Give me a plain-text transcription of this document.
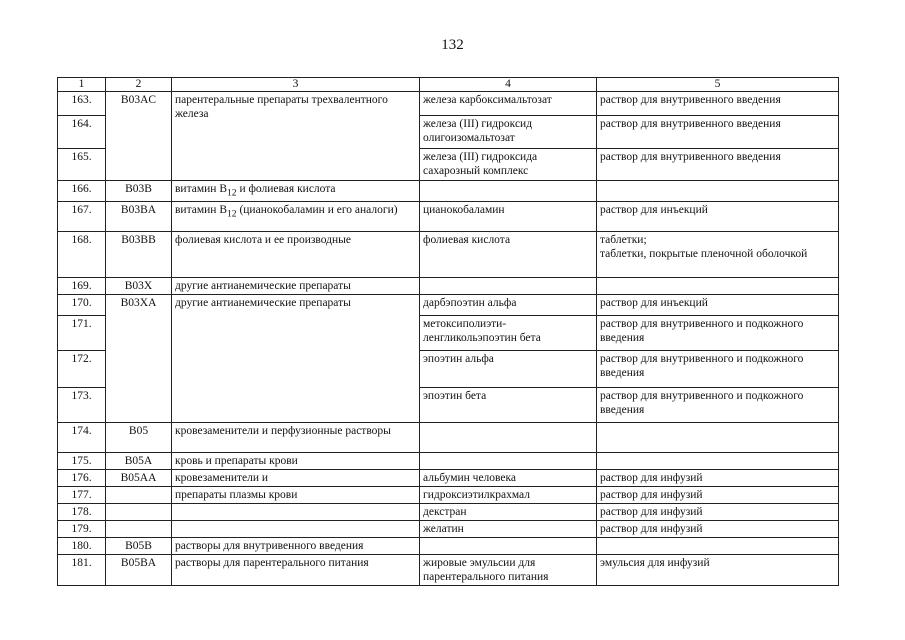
132
1	2	3	4	5
163.	B03AC	парентеральные препараты трехвалентного железа	железа карбоксимальтозат	раствор для внутривенного введения
164.			железа (III) гидроксид олигоизомальтозат	раствор для внутривенного введения
165.			железа (III) гидроксида сахарозный комплекс	раствор для внутривенного введения
166.	B03B	витамин $B_{12}$ и фолиевая кислота		
167.	B03BA	витамин $B_{12}$ (цианокобаламин и его аналоги)	цианокобаламин	раствор для инъекций
168.	B03BB	фолиевая кислота и ее производные	фолиевая кислота	таблетки;
таблетки, покрытые пленочной оболочкой

169.	B03X	другие антианемические препараты		
170.	B03XA	другие антианемические препараты	дарбэпоэтин альфа	раствор для инъекций
171.			метоксиполиэти-ленгликольэпоэтин бета	раствор для внутривенного и подкожного введения
172.			эпоэтин альфа	раствор для внутривенного и подкожного введения
173.			эпоэтин бета	раствор для внутривенного и подкожного введения
174.	B05	кровезаменители и перфузионные растворы		
175.	B05A	кровь и препараты крови		
176.	B05AA	кровезаменители и	альбумин человека	раствор для инфузий
177.		препараты плазмы крови	гидроксиэтилкрахмал	раствор для инфузий
178.			декстран	раствор для инфузий
179.			желатин	раствор для инфузий
180.	B05B	растворы для внутривенного введения		
181.	B05BA	растворы для парентерального питания	жировые эмульсии для парентерального питания	эмульсия для инфузий
